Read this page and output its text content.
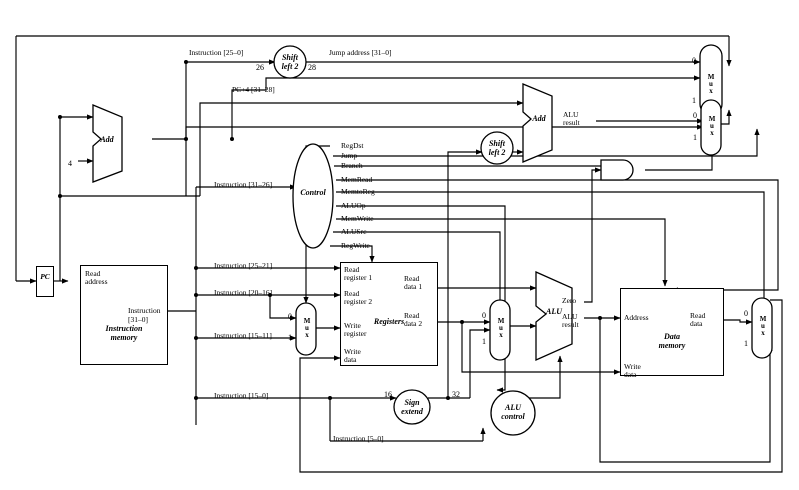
PC
Instruction
memory
Read
address
Registers
Read
register 1
Read
register 2
Write
register
Write
data
Read
data 1
Read
data 2
Data
memory
Address
Write
data
Read
data
Control
ALU
control
Sign
extend
Shift
left 2
Shift
left 2
Add
Add	ALU
result
ALU
Zero
ALU
result
M
u
x
0
1
M
u
x
0
1
M
u
x
0
1
M
u
x
0
1
M
u
x
0
1
RegDst
Jump
Branch
MemRead
MemtoReg
ALUOp
MemWrite
ALUSrc
RegWrite
Instruction [25–0]	Jump address [31–0]
PC+4 [31–28]
Instruction [31–26]
Instruction [25–21]
Instruction [20–16]
Instruction [15–11]
Instruction [15–0]
Instruction [5–0]
Instruction
[31–0]
26	28
4
16	32
